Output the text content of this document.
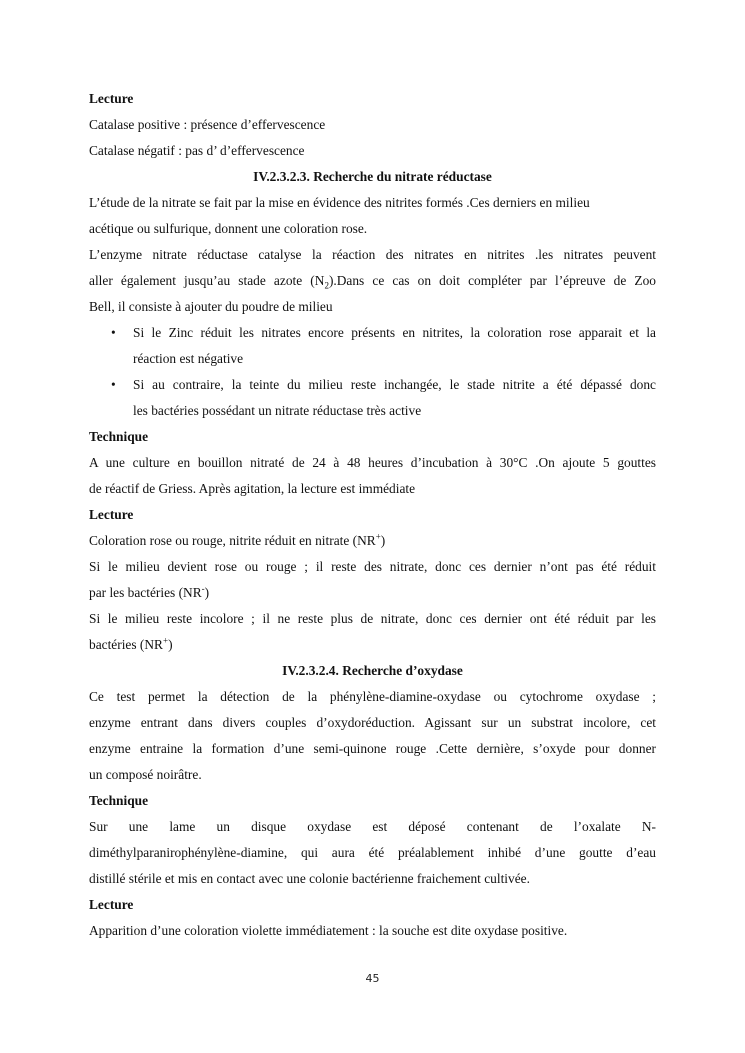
Lecture
Catalase positive : présence d’effervescence
Catalase négatif : pas d’ d’effervescence
IV.2.3.2.3. Recherche du nitrate réductase
L’étude de la nitrate se fait par la mise en évidence des nitrites formés .Ces derniers en milieu
acétique ou sulfurique, donnent une coloration rose.
L’enzyme nitrate réductase catalyse la réaction des nitrates en nitrites .les nitrates peuvent
aller également jusqu’au stade azote $(N_2).Dans$ ce cas on doit compléter par l’épreuve de Zoo
Bell, il consiste à ajouter du poudre de milieu
• Si le Zinc réduit les nitrates encore présents en nitrites, la coloration rose apparait et la
réaction est négative
• Si au contraire, la teinte du milieu reste inchangée, le stade nitrite a été dépassé donc
les bactéries possédant un nitrate réductase très active
Technique
A une culture en bouillon nitraté de 24 à 48 heures d’incubation à 30°C .On ajoute 5 gouttes
de réactif de Griess. Après agitation, la lecture est immédiate
Lecture
Coloration rose ou rouge, nitrite réduit en nitrate (NR+)
Si le milieu devient rose ou rouge ; il reste des nitrate, donc ces dernier n’ont pas été réduit
par les bactéries (NR-)
Si le milieu reste incolore ; il ne reste plus de nitrate, donc ces dernier ont été réduit par les
bactéries (NR+)
IV.2.3.2.4. Recherche d’oxydase
Ce test permet la détection de la phénylène-diamine-oxydase ou cytochrome oxydase ;
enzyme entrant dans divers couples d’oxydoréduction. Agissant sur un substrat incolore, cet
enzyme entraine la formation d’une semi-quinone rouge .Cette dernière, s’oxyde pour donner
un composé noirâtre.
Technique
Sur une lame un disque oxydase est déposé contenant de l’oxalate N-
diméthylparanirophénylène-diamine, qui aura été préalablement inhibé d’une goutte d’eau
distillé stérile et mis en contact avec une colonie bactérienne fraichement cultivée.
Lecture
Apparition d’une coloration violette immédiatement : la souche est dite oxydase positive.
45
